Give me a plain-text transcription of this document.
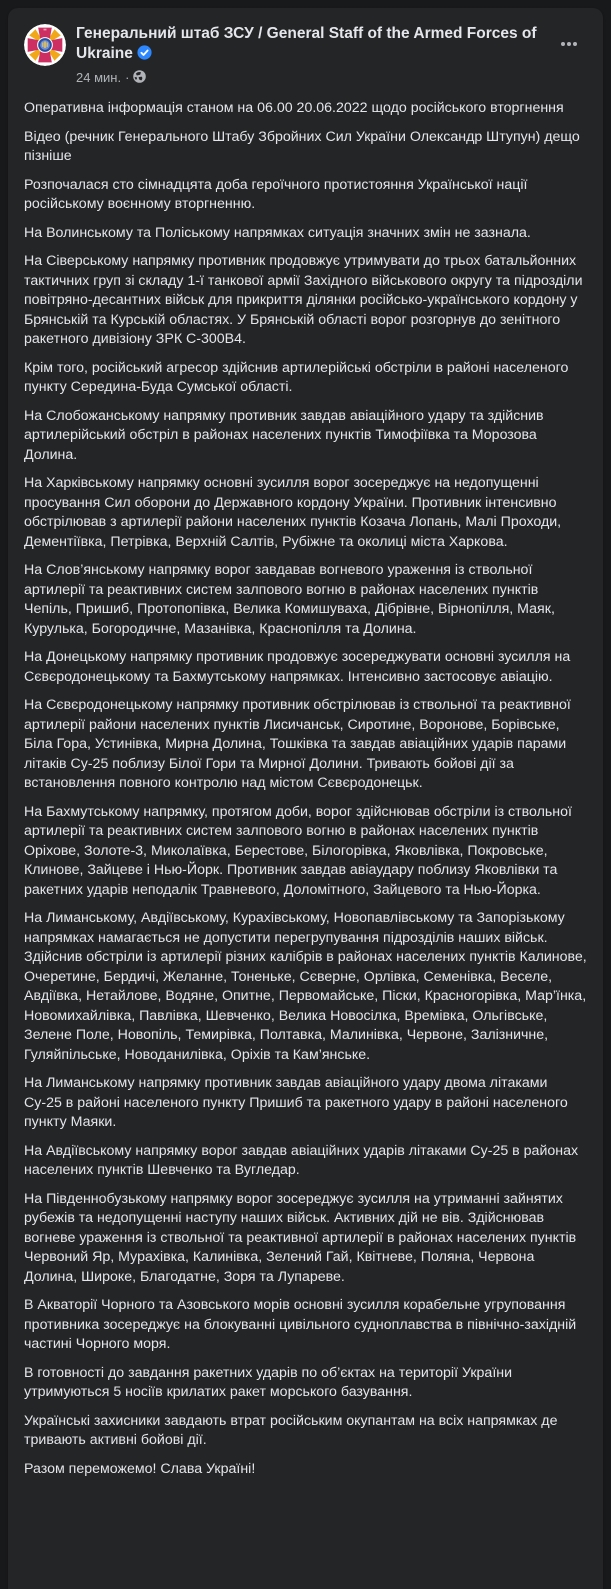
Генеральний штаб ЗСУ / General Staff of the Armed Forces of Ukraine
24 мин. ·
Оперативна інформація станом на 06.00 20.06.2022 щодо російського вторгнення
Відео (речник Генерального Штабу Збройних Сил України Олександр Штупун) дещо пізніше
Розпочалася сто сімнадцята доба героїчного протистояння Української нації російському воєнному вторгненню.
На Волинському та Поліському напрямках ситуація значних змін не зазнала.
На Сіверському напрямку противник продовжує утримувати до трьох батальйонних тактичних груп зі складу 1-ї танкової армії Західного військового округу та підрозділи повітряно-десантних військ для прикриття ділянки російсько-українського кордону у Брянській та Курській областях. У Брянській області ворог розгорнув до зенітного ракетного дивізіону ЗРК С-300В4.
Крім того, російський агресор здійснив артилерійські обстріли в районі населеного пункту Середина-Буда Сумської області.
На Слобожанському напрямку противник завдав авіаційного удару та здійснив артилерійський обстріл в районах населених пунктів Тимофіївка та Морозова Долина.
На Харківському напрямку основні зусилля ворог зосереджує на недопущенні просування Сил оборони до Державного кордону України. Противник інтенсивно обстрілював з артилерії райони населених пунктів Козача Лопань, Малі Проходи, Дементіївка, Петрівка, Верхній Салтів, Рубіжне та околиці міста Харкова.
На Слов’янському напрямку ворог завдавав вогневого ураження із ствольної артилерії та реактивних систем залпового вогню в районах населених пунктів Чепіль, Пришиб, Протопопівка, Велика Комишуваха, Дібрівне, Вірнопілля, Маяк, Курулька, Богородичне, Мазанівка, Краснопілля та Долина.
На Донецькому напрямку противник продовжує зосереджувати основні зусилля на Сєвєродонецькому та Бахмутському напрямках. Інтенсивно застосовує авіацію.
На Сєвєродонецькому напрямку противник обстрілював із ствольної та реактивної артилерії райони населених пунктів Лисичанськ, Сиротине, Воронове, Борівське, Біла Гора, Устинівка, Мирна Долина, Тошківка та завдав авіаційних ударів парами літаків Су-25 поблизу Білої Гори та Мирної Долини. Тривають бойові дії за встановлення повного контролю над містом Сєвєродонецьк.
На Бахмутському напрямку, протягом доби, ворог здійснював обстріли із ствольної артилерії та реактивних систем залпового вогню в районах населених пунктів Оріхове, Золоте-3, Миколаївка, Берестове, Білогорівка, Яковлівка, Покровське, Клинове, Зайцеве і Нью-Йорк. Противник завдав авіаудару поблизу Яковлівки та ракетних ударів неподалік Травневого, Доломітного, Зайцевого та Нью-Йорка.
На Лиманському, Авдіївському, Курахівському, Новопавлівському та Запорізькому напрямках намагається не допустити перегрупування підрозділів наших військ. Здійснив обстріли із артилерії різних калібрів в районах населених пунктів Калинове, Очеретине, Бердичі, Желанне, Тоненьке, Сєверне, Орлівка, Семенівка, Веселе, Авдіївка, Нетайлове, Водяне, Опитне, Первомайське, Піски, Красногорівка, Мар’їнка, Новомихайлівка, Павлівка, Шевченко, Велика Новосілка, Времівка, Ольгівське, Зелене Поле, Новопіль, Темирівка, Полтавка, Малинівка, Червоне, Залізничне, Гуляйпільське, Новоданилівка, Оріхів та Кам’янське.
На Лиманському напрямку противник завдав авіаційного удару двома літаками Су-25 в районі населеного пункту Пришиб та ракетного удару в районі населеного пункту Маяки.
На Авдіївському напрямку ворог завдав авіаційних ударів літаками Су-25 в районах населених пунктів Шевченко та Вугледар.
На Південнобузькому напрямку ворог зосереджує зусилля на утриманні зайнятих рубежів та недопущенні наступу наших військ. Активних дій не вів. Здійснював вогневе ураження із ствольної та реактивної артилерії в районах населених пунктів Червоний Яр, Мурахівка, Калинівка, Зелений Гай, Квітневе, Поляна, Червона Долина, Широке, Благодатне, Зоря та Лупареве.
В Акваторії Чорного та Азовського морів основні зусилля корабельне угруповання противника зосереджує на блокуванні цивільного судноплавства в північно-західній частині Чорного моря.
В готовності до завдання ракетних ударів по об’єктах на території України утримуються 5 носіїв крилатих ракет морського базування.
Українські захисники завдають втрат російським окупантам на всіх напрямках де тривають активні бойові дії.
Разом переможемо! Слава Україні!
